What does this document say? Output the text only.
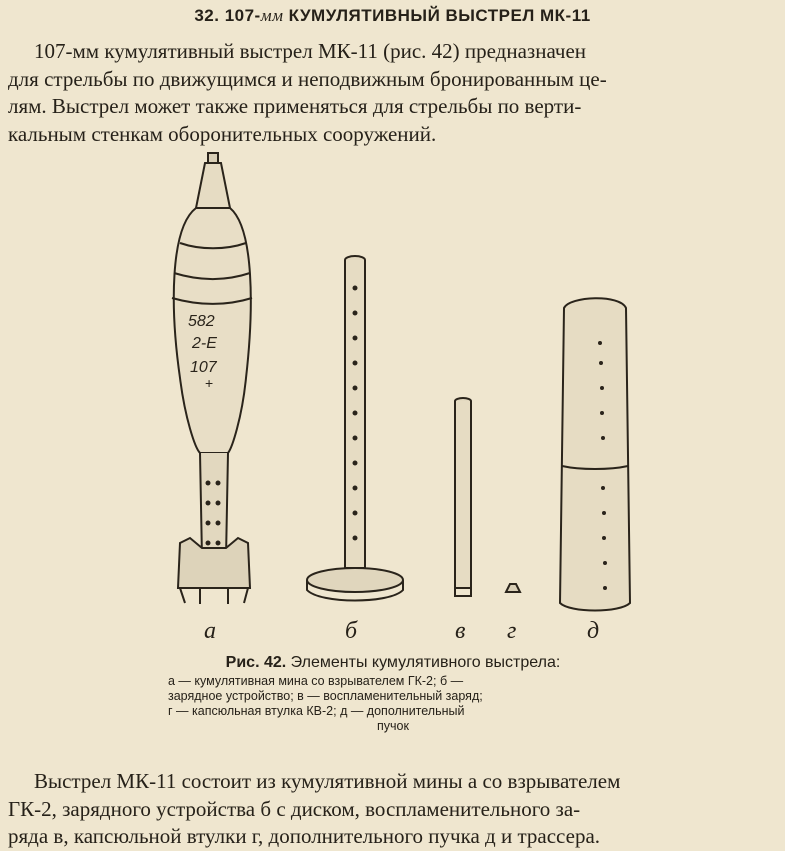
32. 107-мм КУМУЛЯТИВНЫЙ ВЫСТРЕЛ МК-11
107-мм кумулятивный выстрел МК-11 (рис. 42) предназначен
для стрельбы по движущимся и неподвижным бронированным це-
лям. Выстрел может также применяться для стрельбы по верти-
кальным стенкам оборонительных сооружений.
582
2-Е
107
+
а	б	в г	д
Рис. 42. Элементы кумулятивного выстрела:
а — кумулятивная мина со взрывателем ГК-2; б —
зарядное устройство; в — воспламенительный заряд;
г — капсюльная втулка КВ-2; д — дополнительный
пучок
Выстрел МК-11 состоит из кумулятивной мины а со взрывателем
ГК-2, зарядного устройства б с диском, воспламенительного за-
ряда в, капсюльной втулки г, дополнительного пучка д и трассера.
